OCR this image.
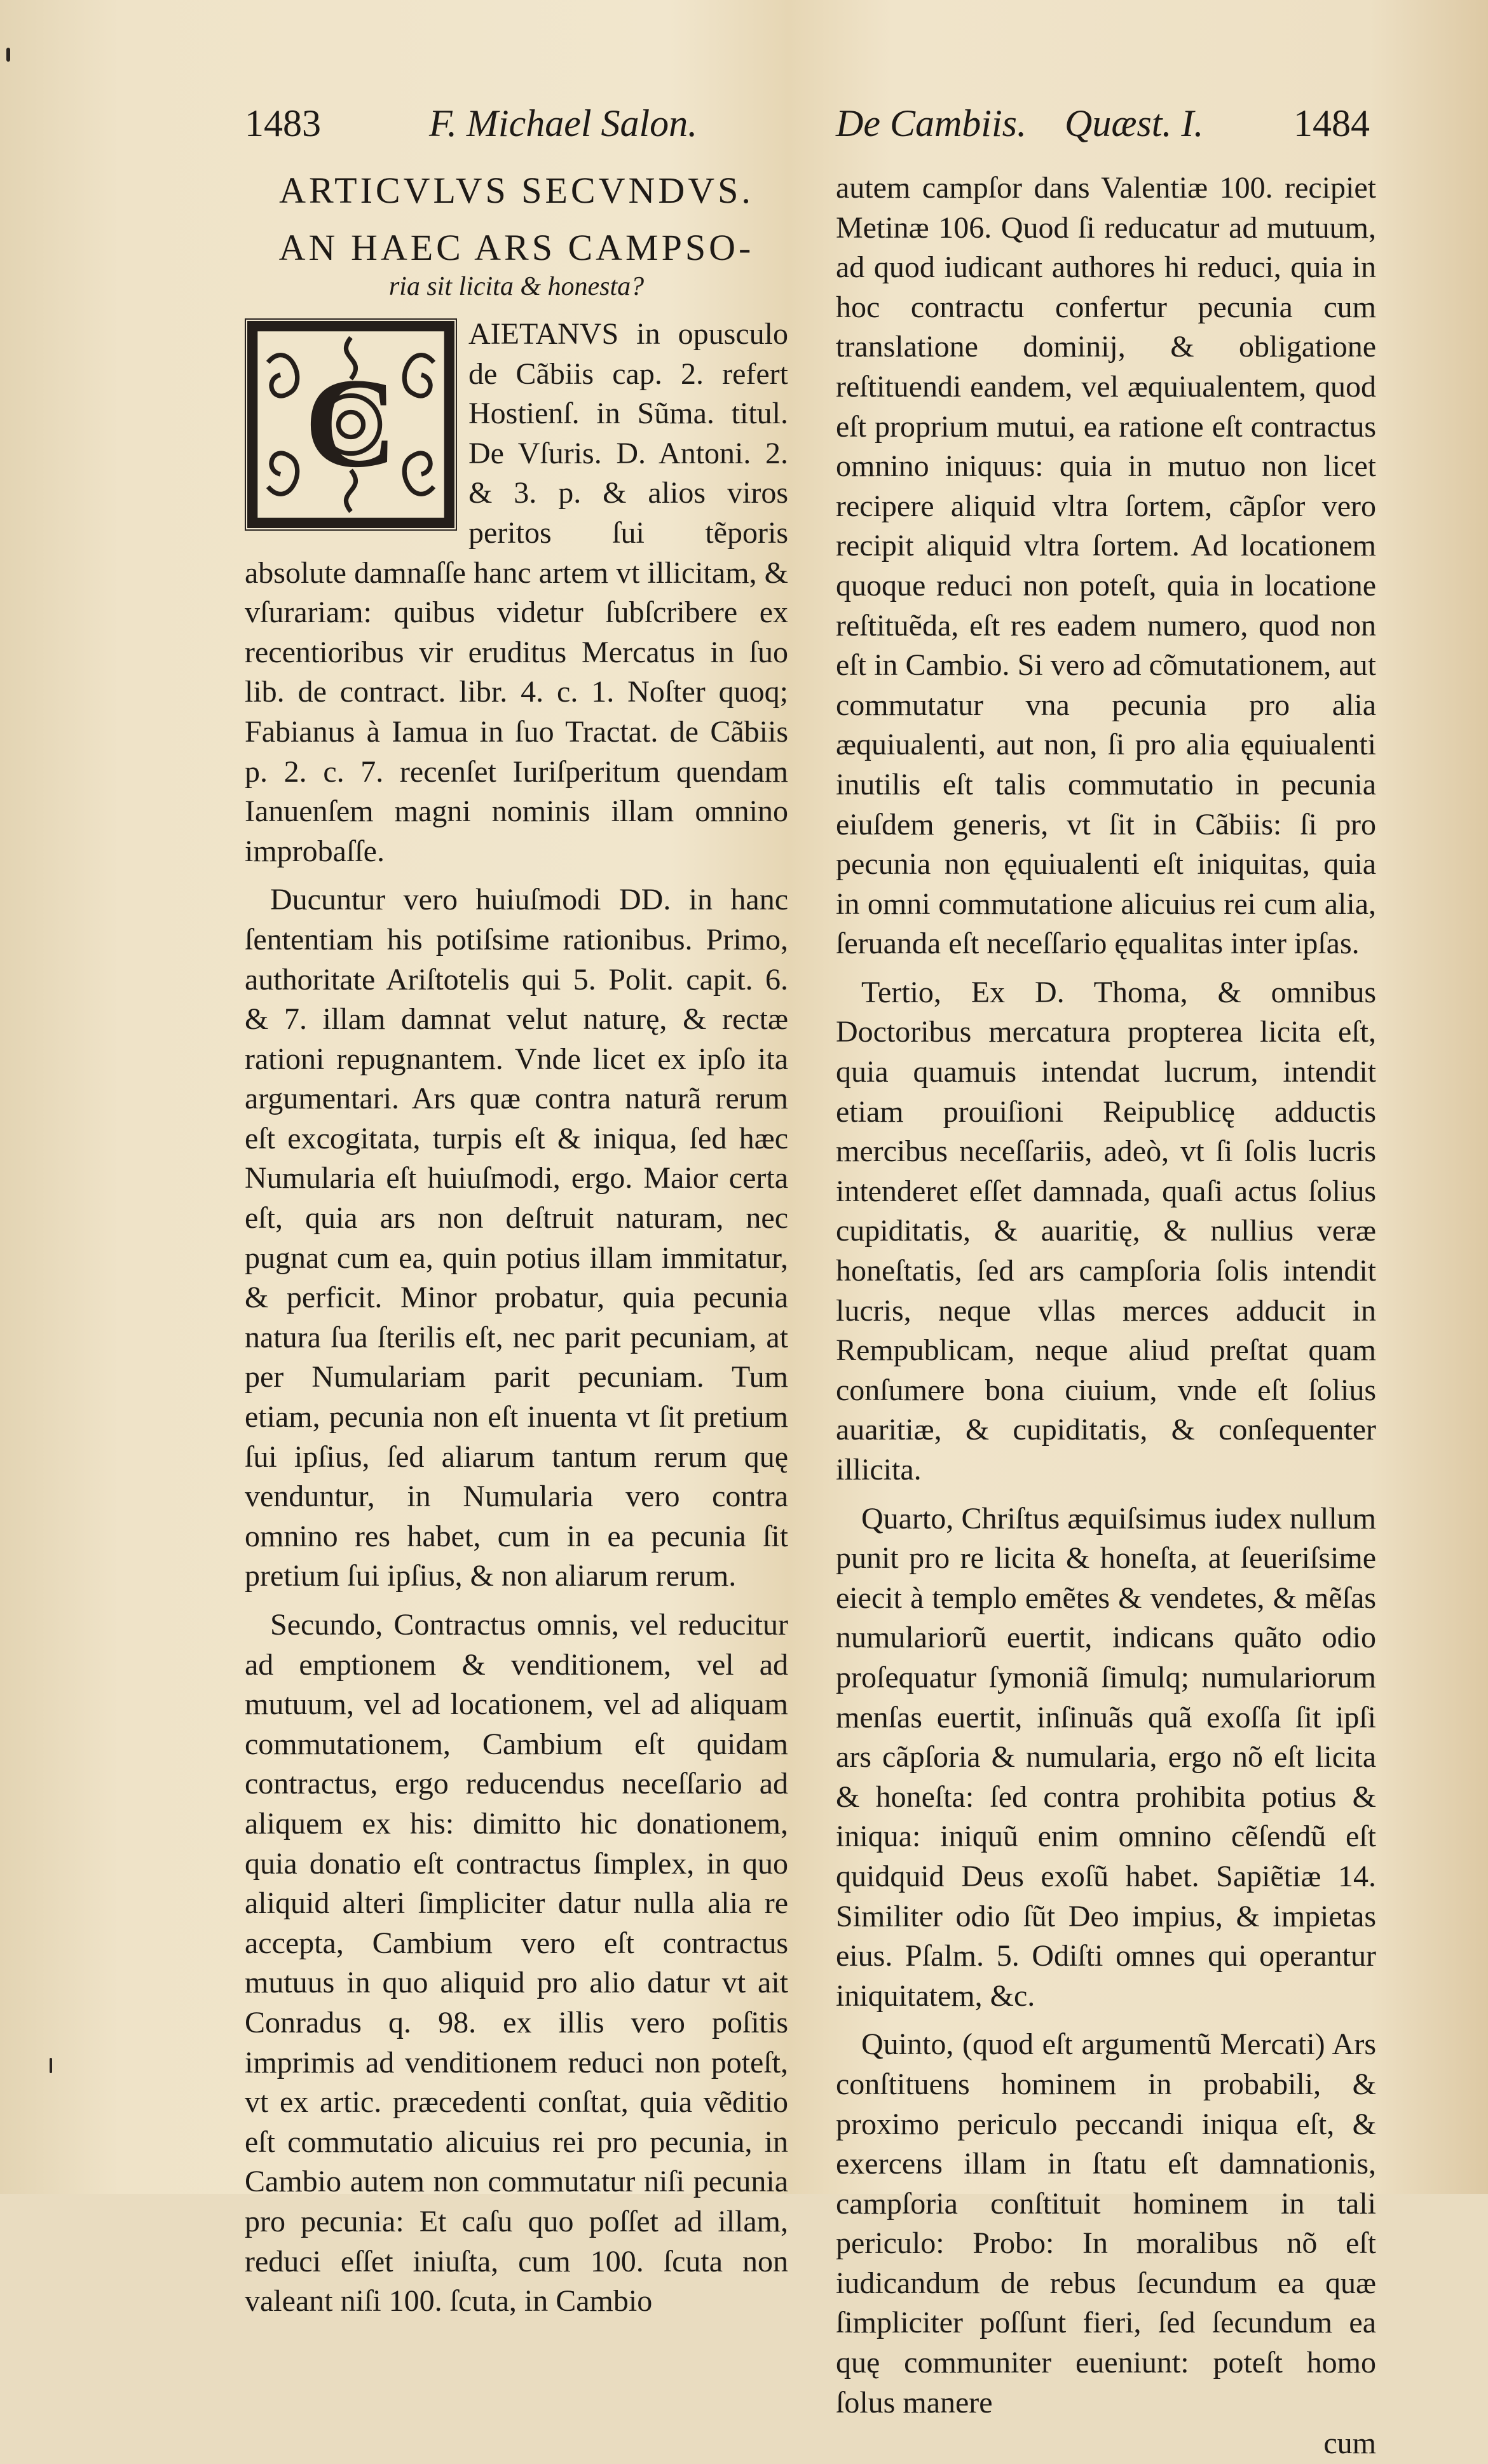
1483	F. Michael Salon.	De Cambiis. Quæst. I. 1484
ARTICVLVS SECVNDVS.
AN HAEC ARS CAMPSO-
ria sit licita & honesta?
C

AIETANVS in opusculo de Cãbiis cap. 2. refert Hostienſ. in Sũma. titul. De Vſuris. D. Antoni. 2. & 3. p. & alios viros peritos ſui tẽporis absolute damnaſſe hanc artem vt illicitam, & vſurariam: quibus videtur ſubſcribere ex recentioribus vir eruditus Mercatus in ſuo lib. de contract. libr. 4. c. 1. Noſter quoq; Fabianus à Iamua in ſuo Tractat. de Cãbiis p. 2. c. 7. recenſet Iuriſperitum quendam Ianuenſem magni nominis illam omnino improbaſſe.

Ducuntur vero huiuſmodi DD. in hanc ſententiam his potiſsime rationibus. Primo, authoritate Ariſtotelis qui 5. Polit. capit. 6. & 7. illam damnat velut naturę, & rectæ rationi repugnantem. Vnde licet ex ipſo ita argumentari. Ars quæ contra naturã rerum eſt excogitata, turpis eſt & iniqua, ſed hæc Numularia eſt huiuſmodi, ergo. Maior certa eſt, quia ars non deſtruit naturam, nec pugnat cum ea, quin potius illam immitatur, & perficit. Minor probatur, quia pecunia natura ſua ſterilis eſt, nec parit pecuniam, at per Numulariam parit pecuniam. Tum etiam, pecunia non eſt inuenta vt ſit pretium ſui ipſius, ſed aliarum tantum rerum quę venduntur, in Numularia vero contra omnino res habet, cum in ea pecunia ſit pretium ſui ipſius, & non aliarum rerum.

Secundo, Contractus omnis, vel reducitur ad emptionem & venditionem, vel ad mutuum, vel ad locationem, vel ad aliquam commutationem, Cambium eſt quidam contractus, ergo reducendus neceſſario ad aliquem ex his: dimitto hic donationem, quia donatio eſt contractus ſimplex, in quo aliquid alteri ſimpliciter datur nulla alia re accepta, Cambium vero eſt contractus mutuus in quo aliquid pro alio datur vt ait Conradus q. 98. ex illis vero poſitis imprimis ad venditionem reduci non poteſt, vt ex artic. præcedenti conſtat, quia vẽditio eſt commutatio alicuius rei pro pecunia, in Cambio autem non commutatur niſi pecunia pro pecunia: Et caſu quo poſſet ad illam, reduci eſſet iniuſta, cum 100. ſcuta non valeant niſi 100. ſcuta, in Cambio

autem campſor dans Valentiæ 100. recipiet Metinæ 106. Quod ſi reducatur ad mutuum, ad quod iudicant authores hi reduci, quia in hoc contractu confertur pecunia cum translatione dominij, & obligatione reſtituendi eandem, vel æquiualentem, quod eſt proprium mutui, ea ratione eſt contractus omnino iniquus: quia in mutuo non licet recipere aliquid vltra ſortem, cãpſor vero recipit aliquid vltra ſortem. Ad locationem quoque reduci non poteſt, quia in locatione reſtituẽda, eſt res eadem numero, quod non eſt in Cambio. Si vero ad cõmutationem, aut commutatur vna pecunia pro alia æquiualenti, aut non, ſi pro alia ęquiualenti inutilis eſt talis commutatio in pecunia eiuſdem generis, vt ſit in Cãbiis: ſi pro pecunia non ęquiualenti eſt iniquitas, quia in omni commutatione alicuius rei cum alia, ſeruanda eſt neceſſario ęqualitas inter ipſas.

Tertio, Ex D. Thoma, & omnibus Doctoribus mercatura propterea licita eſt, quia quamuis intendat lucrum, intendit etiam prouiſioni Reipublicę adductis mercibus neceſſariis, adeò, vt ſi ſolis lucris intenderet eſſet damnada, quaſi actus ſolius cupiditatis, & auaritię, & nullius veræ honeſtatis, ſed ars campſoria ſolis intendit lucris, neque vllas merces adducit in Rempublicam, neque aliud preſtat quam conſumere bona ciuium, vnde eſt ſolius auaritiæ, & cupiditatis, & conſequenter illicita.

Quarto, Chriſtus æquiſsimus iudex nullum punit pro re licita & honeſta, at ſeueriſsime eiecit à templo emẽtes & vendetes, & mẽſas numulariorũ euertit, indicans quãto odio proſequatur ſymoniã ſimulq; numulariorum menſas euertit, inſinuãs quã exoſſa ſit ipſi ars cãpſoria & numularia, ergo nõ eſt licita & honeſta: ſed contra prohibita potius & iniqua: iniquũ enim omnino cẽſendũ eſt quidquid Deus exoſũ habet. Sapiẽtiæ 14. Similiter odio ſũt Deo impius, & impietas eius. Pſalm. 5. Odiſti omnes qui operantur iniquitatem, &c.

Quinto, (quod eſt argumentũ Mercati) Ars conſtituens hominem in probabili, & proximo periculo peccandi iniqua eſt, & exercens illam in ſtatu eſt damnationis, campſoria conſtituit hominem in tali periculo: Probo: In moralibus nõ eſt iudicandum de rebus ſecundum ea quæ ſimpliciter poſſunt fieri, ſed ſecundum ea quę communiter eueniunt: poteſt homo ſolus manere

cum
